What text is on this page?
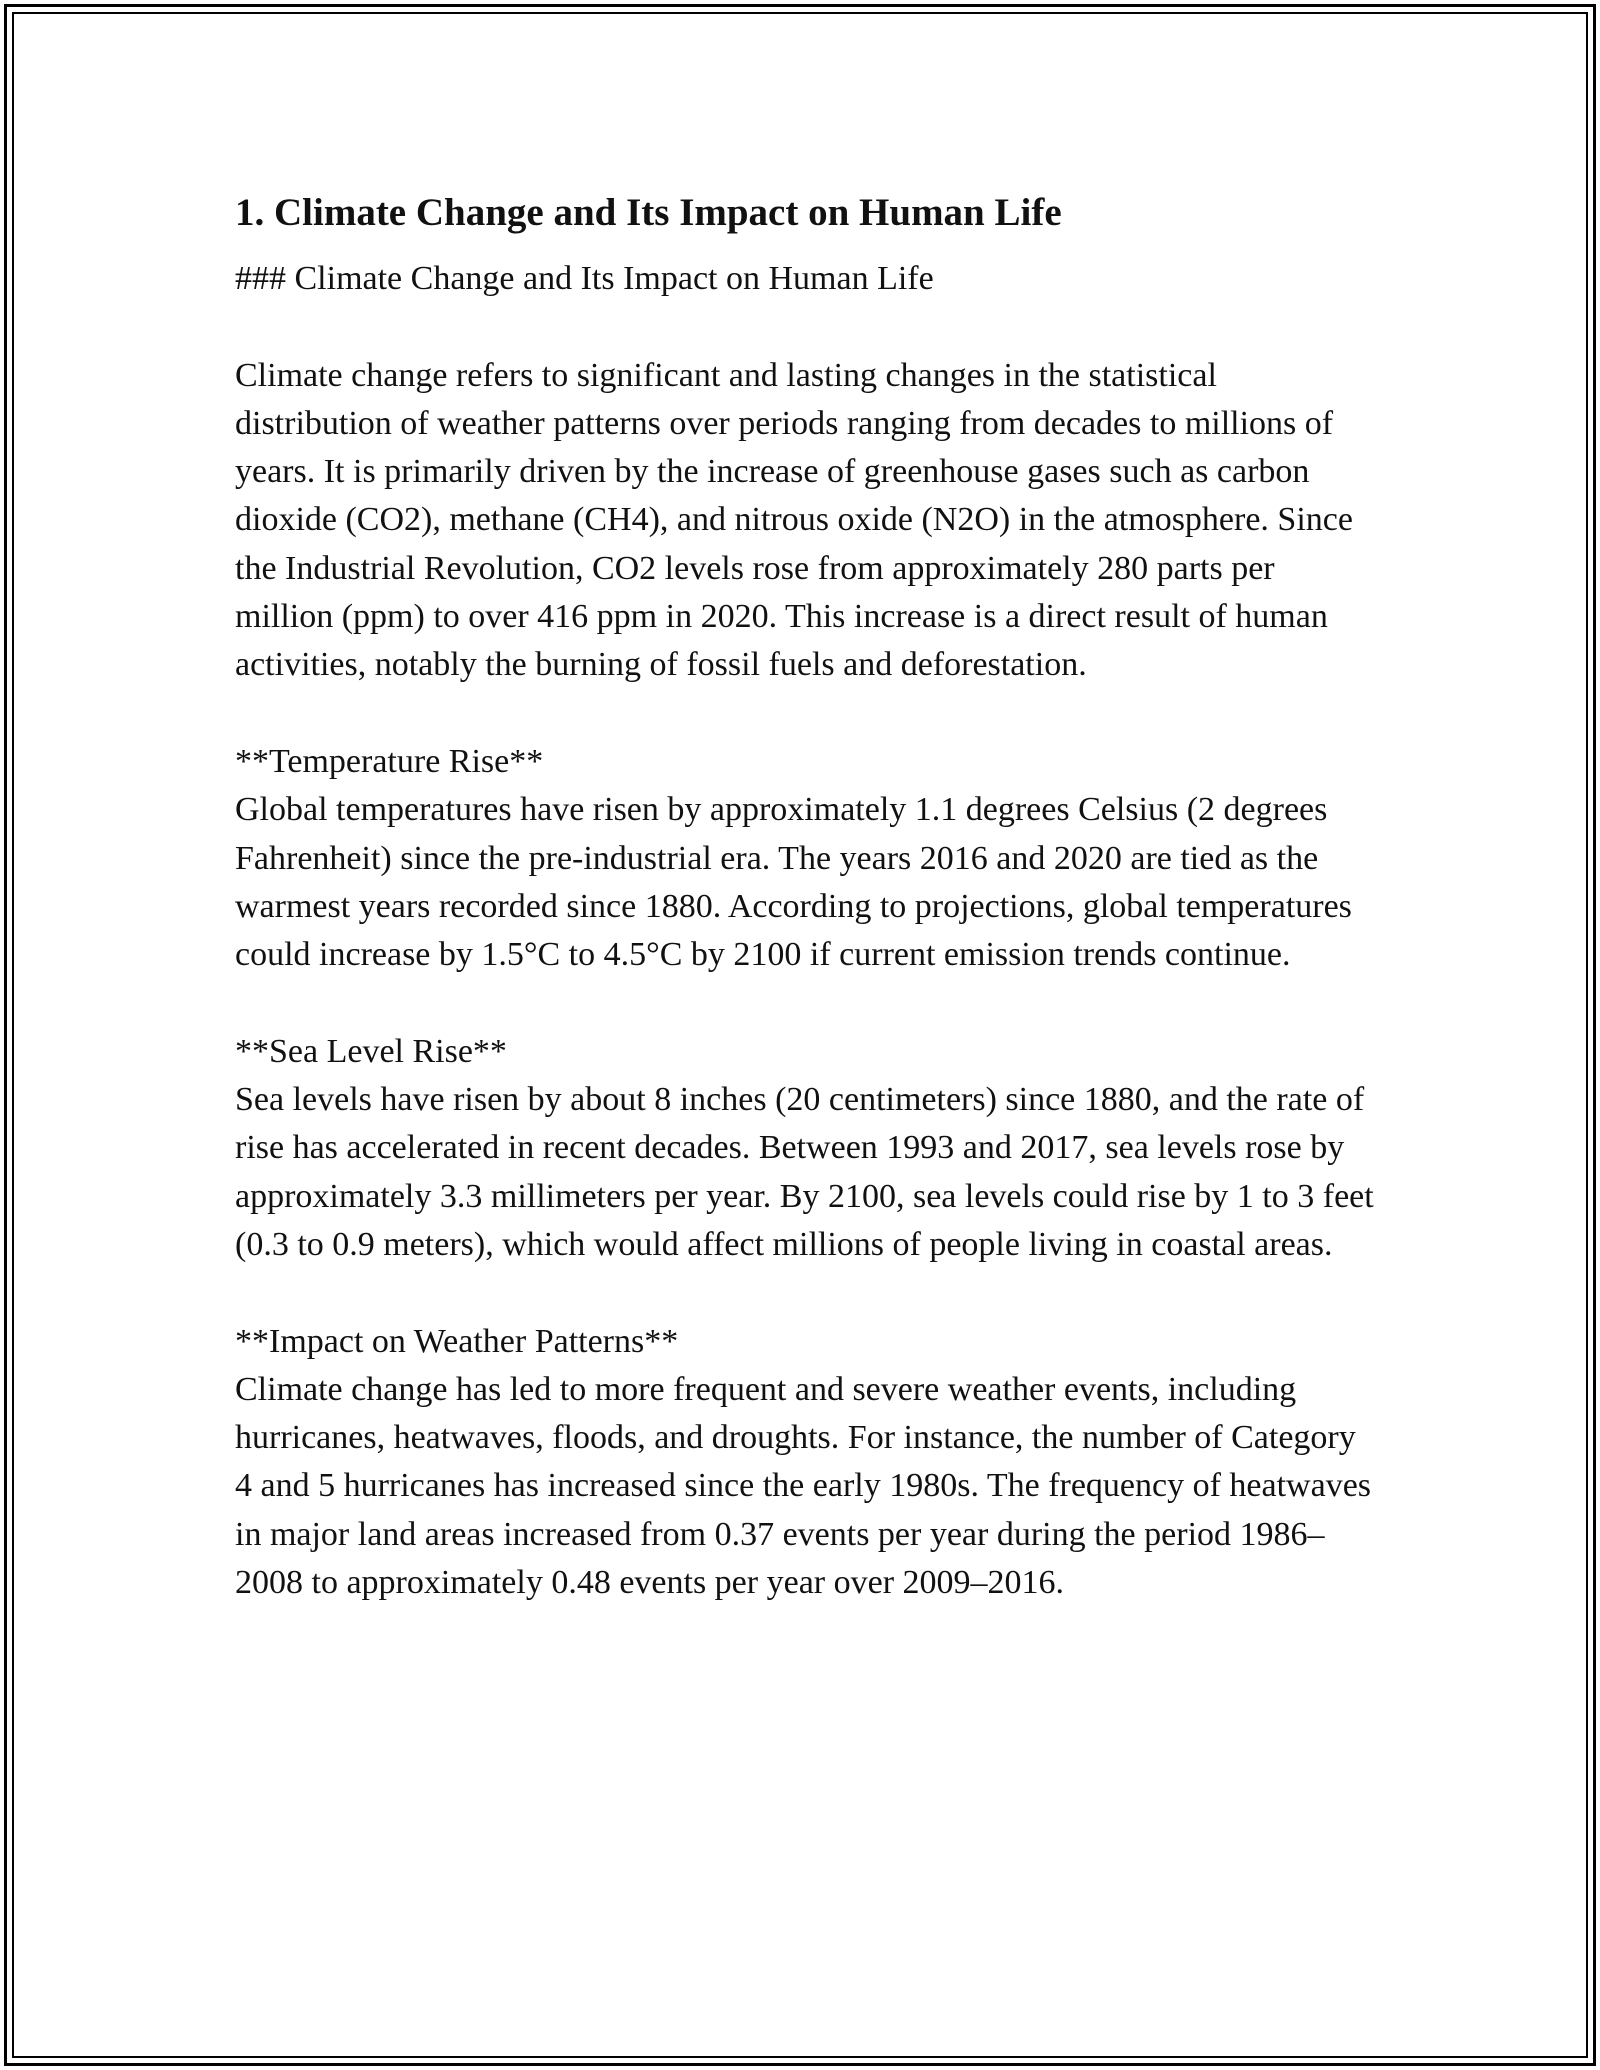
1. Climate Change and Its Impact on Human Life

### Climate Change and Its Impact on Human Life

Climate change refers to significant and lasting changes in the statistical distribution of weather patterns over periods ranging from decades to millions of years. It is primarily driven by the increase of greenhouse gases such as carbon dioxide (CO2), methane (CH4), and nitrous oxide (N2O) in the atmosphere. Since the Industrial Revolution, CO2 levels rose from approximately 280 parts per million (ppm) to over 416 ppm in 2020. This increase is a direct result of human activities, notably the burning of fossil fuels and deforestation.

**Temperature Rise**

Global temperatures have risen by approximately 1.1 degrees Celsius (2 degrees Fahrenheit) since the pre-industrial era. The years 2016 and 2020 are tied as the warmest years recorded since 1880. According to projections, global temperatures could increase by 1.5°C to 4.5°C by 2100 if current emission trends continue.

**Sea Level Rise**

Sea levels have risen by about 8 inches (20 centimeters) since 1880, and the rate of rise has accelerated in recent decades. Between 1993 and 2017, sea levels rose by approximately 3.3 millimeters per year. By 2100, sea levels could rise by 1 to 3 feet (0.3 to 0.9 meters), which would affect millions of people living in coastal areas.

**Impact on Weather Patterns**

Climate change has led to more frequent and severe weather events, including hurricanes, heatwaves, floods, and droughts. For instance, the number of Category 4 and 5 hurricanes has increased since the early 1980s. The frequency of heatwaves in major land areas increased from 0.37 events per year during the period 1986–2008 to approximately 0.48 events per year over 2009–2016.
